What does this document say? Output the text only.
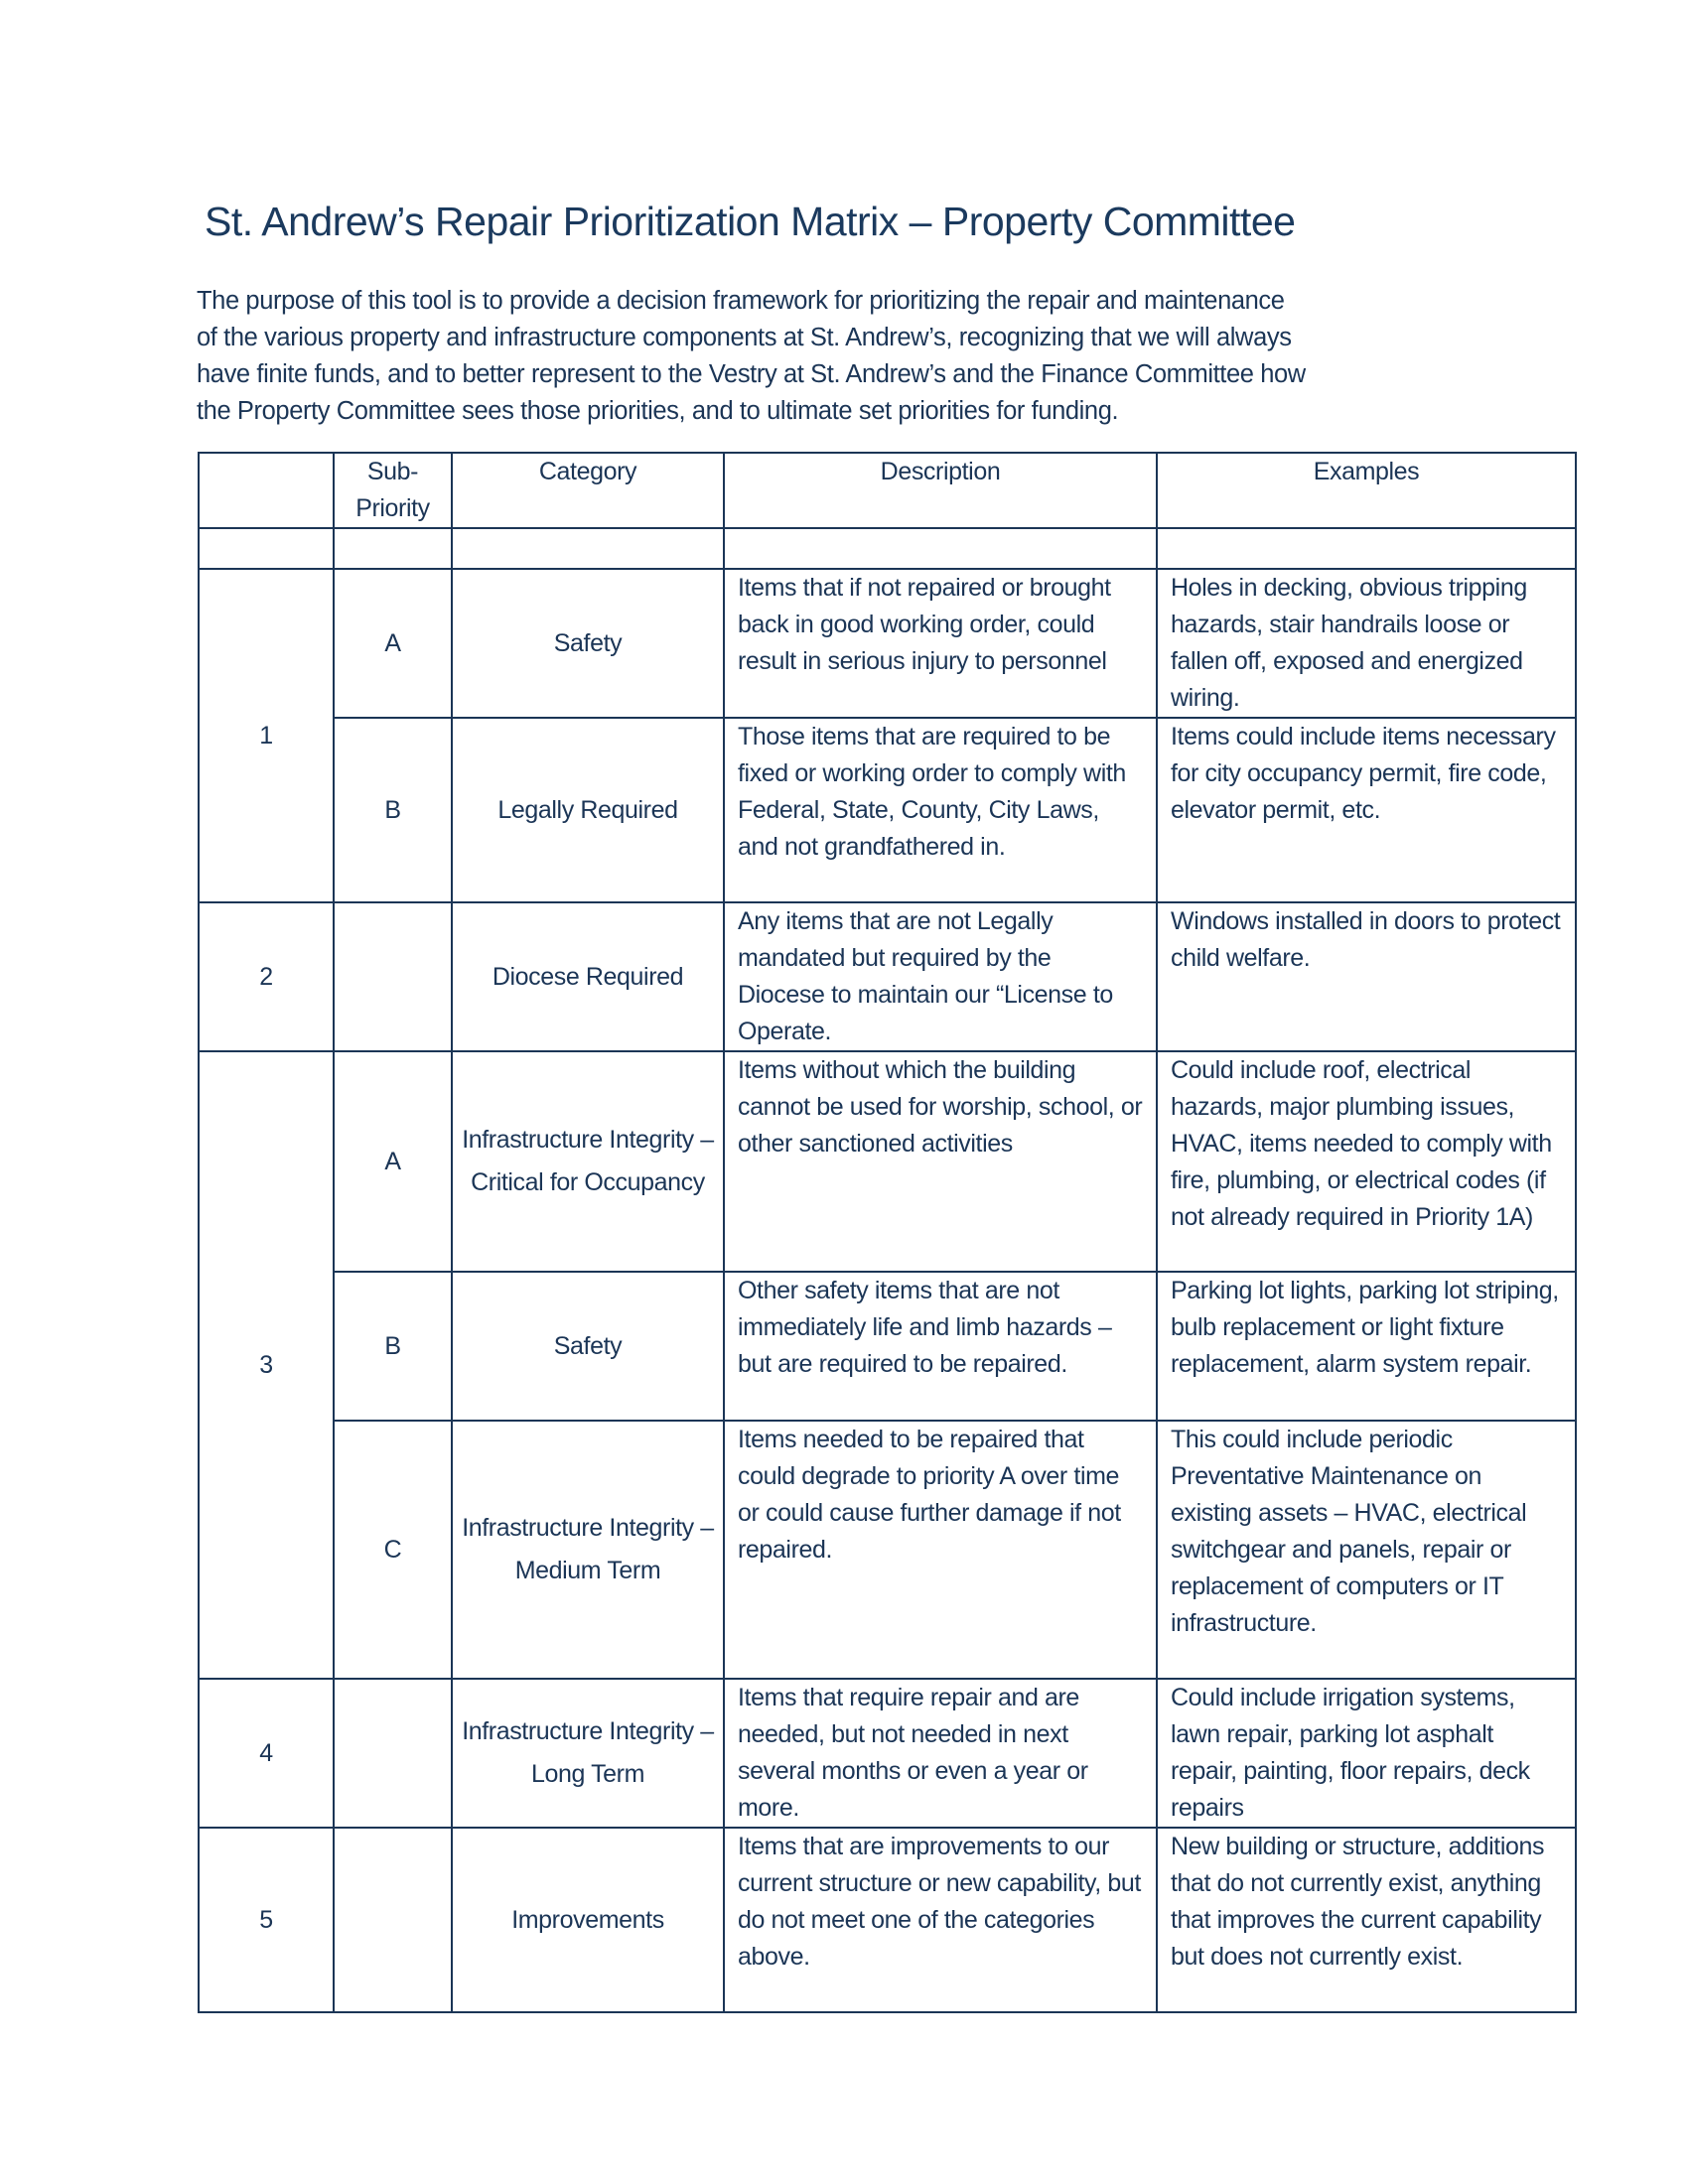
St. Andrew’s Repair Prioritization Matrix – Property Committee
The purpose of this tool is to provide a decision framework for prioritizing the repair and maintenance
of the various property and infrastructure components at St. Andrew’s, recognizing that we will always
have finite funds, and to better represent to the Vestry at St. Andrew’s and the Finance Committee how
the Property Committee sees those priorities, and to ultimate set priorities for funding.
	Sub-Priority	Category	Description	Examples

1	A	Safety	Items that if not repaired or brought back in good working order, could result in serious injury to personnel	Holes in decking, obvious tripping hazards, stair handrails loose or fallen off, exposed and energized wiring.
	B	Legally Required	Those items that are required to be fixed or working order to comply with Federal, State, County, City Laws, and not grandfathered in.	Items could include items necessary for city occupancy permit, fire code, elevator permit, etc.
2		Diocese Required	Any items that are not Legally mandated but required by the Diocese to maintain our “License to Operate.	Windows installed in doors to protect child welfare.
3	A	Infrastructure Integrity – Critical for Occupancy	Items without which the building cannot be used for worship, school, or other sanctioned activities	Could include roof, electrical hazards, major plumbing issues, HVAC, items needed to comply with fire, plumbing, or electrical codes (if not already required in Priority 1A)
	B	Safety	Other safety items that are not immediately life and limb hazards – but are required to be repaired.	Parking lot lights, parking lot striping, bulb replacement or light fixture replacement, alarm system repair.
	C	Infrastructure Integrity – Medium Term	Items needed to be repaired that could degrade to priority A over time or could cause further damage if not repaired.	This could include periodic Preventative Maintenance on existing assets – HVAC, electrical switchgear and panels, repair or replacement of computers or IT infrastructure.
4		Infrastructure Integrity – Long Term	Items that require repair and are needed, but not needed in next several months or even a year or more.	Could include irrigation systems, lawn repair, parking lot asphalt repair, painting, floor repairs, deck repairs
5		Improvements	Items that are improvements to our current structure or new capability, but do not meet one of the categories above.	New building or structure, additions that do not currently exist, anything that improves the current capability but does not currently exist.
